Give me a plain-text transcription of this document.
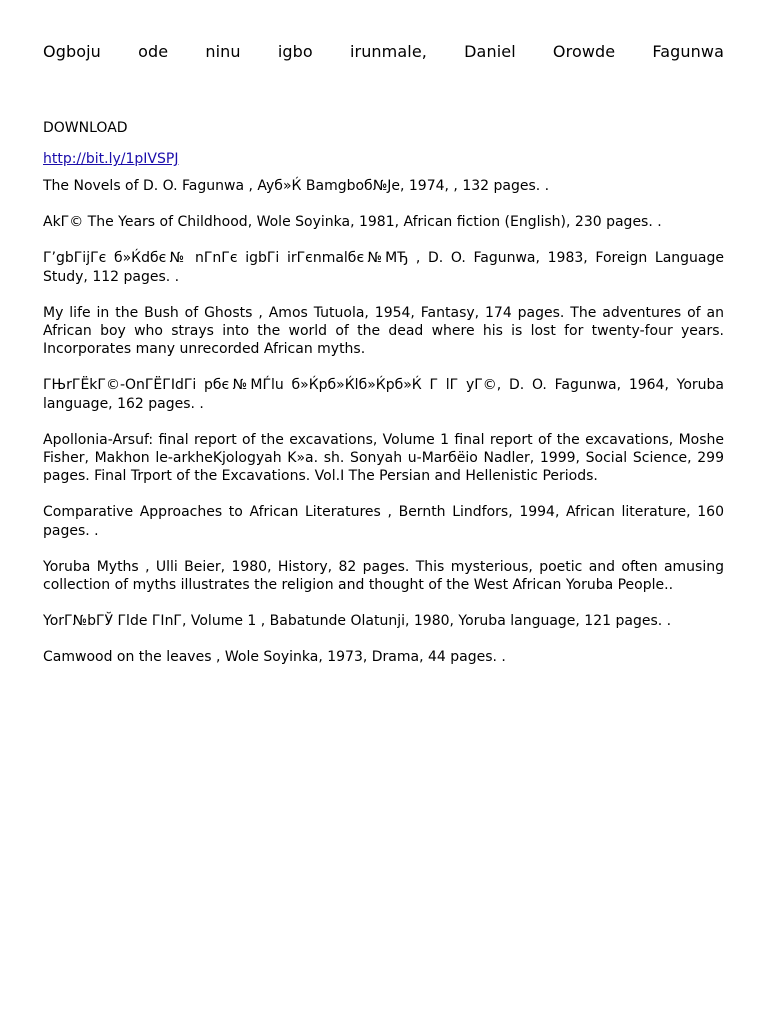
Ogboju ode ninu igbo irunmale, Daniel Orowde Fagunwa
DOWNLOAD
http://bit.ly/1pIVSPJ

The Novels of D. O. Fagunwa , Ayб»Ќ Bamgboб№Јe, 1974, , 132 pages. .

AkГ© The Years of Childhood, Wole Soyinka, 1981, African fiction (English), 230 pages. .

Г’gbГіjГє б»Ќdбє№ nГnГє igbГі irГєnmalбє№МЂ , D. O. Fagunwa, 1983, Foreign Language Study, 112 pages. .

My life in the Bush of Ghosts , Amos Tutuola, 1954, Fantasy, 174 pages. The adventures of an African boy who strays into the world of the dead where his is lost for twenty-four years. Incorporates many unrecorded African myths.

ГЊrГЁkГ©-OnГЁГІdГі рбє№МЃlu б»Ќрб»Ќlб»Ќрб»Ќ Г lГ уГ©, D. O. Fagunwa, 1964, Yoruba language, 162 pages. .

Apollonia-Arsuf: final report of the excavations, Volume 1 final report of the excavations, Moshe Fisher, Makhon le-arkheKjologyah K»a. sh. Sonyah u-Marбёio Nadler, 1999, Social Science, 299 pages. Final Trport of the Excavations. Vol.I The Persian and Hellenistic Periods.

Comparative Approaches to African Literatures , Bernth Lindfors, 1994, African literature, 160 pages. .

Yoruba Myths , Ulli Beier, 1980, History, 82 pages. This mysterious, poetic and often amusing collection of myths illustrates the religion and thought of the West African Yoruba People..

YorГ№bГЎ Гlde ГІnГ, Volume 1 , Babatunde Olatunji, 1980, Yoruba language, 121 pages. .

Camwood on the leaves , Wole Soyinka, 1973, Drama, 44 pages. .
